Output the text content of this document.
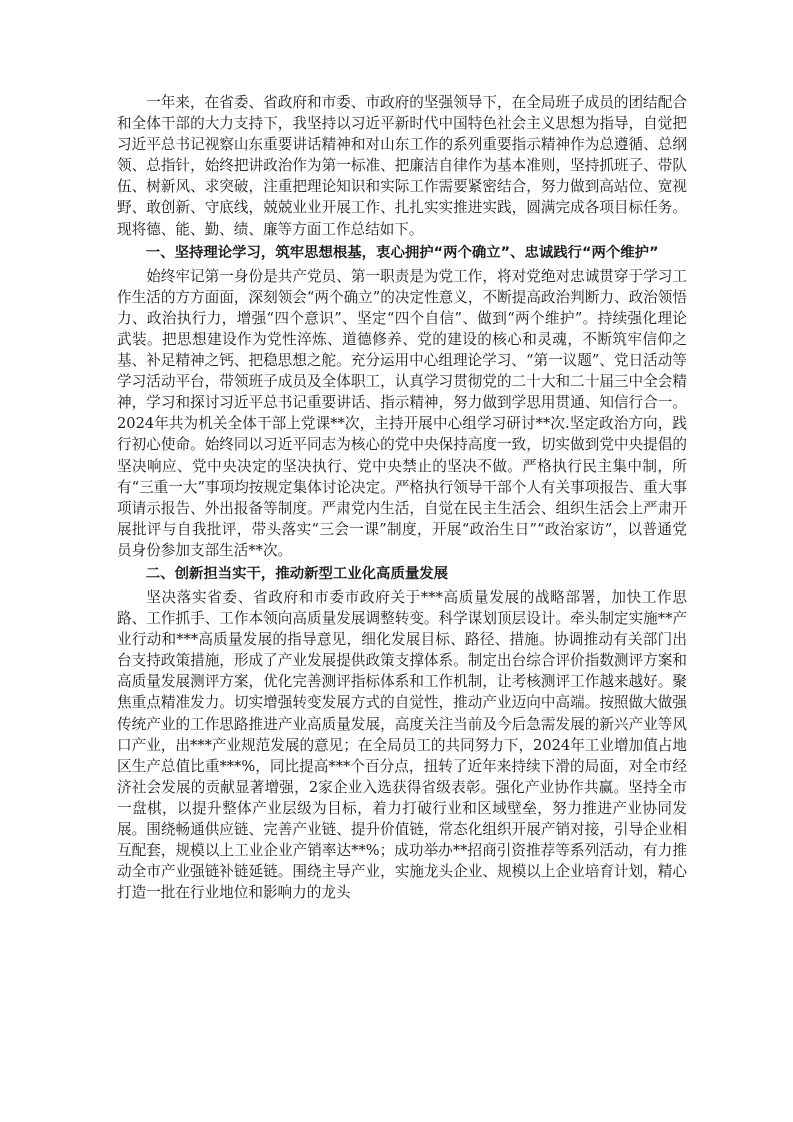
一年来，在省委、省政府和市委、市政府的坚强领导下，在全局班子成员的团结配合和全体干部的大力支持下，我坚持以习近平新时代中国特色社会主义思想为指导，自觉把习近平总书记视察山东重要讲话精神和对山东工作的系列重要指示精神作为总遵循、总纲领、总指针，始终把讲政治作为第一标准、把廉洁自律作为基本准则，坚持抓班子、带队伍、树新风、求突破，注重把理论知识和实际工作需要紧密结合，努力做到高站位、宽视野、敢创新、守底线，兢兢业业开展工作、扎扎实实推进实践，圆满完成各项目标任务。现将德、能、勤、绩、廉等方面工作总结如下。

一、坚持理论学习，筑牢思想根基，衷心拥护“两个确立”、忠诚践行“两个维护”

始终牢记第一身份是共产党员、第一职责是为党工作，将对党绝对忠诚贯穿于学习工作生活的方方面面，深刻领会“两个确立”的决定性意义，不断提高政治判断力、政治领悟力、政治执行力，增强“四个意识”、坚定“四个自信”、做到“两个维护”。持续强化理论武装。把思想建设作为党性淬炼、道德修养、党的建设的核心和灵魂，不断筑牢信仰之基、补足精神之钙、把稳思想之舵。充分运用中心组理论学习、“第一议题”、党日活动等学习活动平台，带领班子成员及全体职工，认真学习贯彻党的二十大和二十届三中全会精神，学习和探讨习近平总书记重要讲话、指示精神，努力做到学思用贯通、知信行合一。2024年共为机关全体干部上党课**次，主持开展中心组学习研讨**次.坚定政治方向，践行初心使命。始终同以习近平同志为核心的党中央保持高度一致，切实做到党中央提倡的坚决响应、党中央决定的坚决执行、党中央禁止的坚决不做。严格执行民主集中制，所有“三重一大”事项均按规定集体讨论决定。严格执行领导干部个人有关事项报告、重大事项请示报告、外出报备等制度。严肃党内生活，自觉在民主生活会、组织生活会上严肃开展批评与自我批评，带头落实“三会一课”制度，开展“政治生日”“政治家访”，以普通党员身份参加支部生活**次。

二、创新担当实干，推动新型工业化高质量发展

坚决落实省委、省政府和市委市政府关于***高质量发展的战略部署，加快工作思路、工作抓手、工作本领向高质量发展调整转变。科学谋划顶层设计。牵头制定实施**产业行动和***高质量发展的指导意见，细化发展目标、路径、措施。协调推动有关部门出台支持政策措施，形成了产业发展提供政策支撑体系。制定出台综合评价指数测评方案和高质量发展测评方案，优化完善测评指标体系和工作机制，让考核测评工作越来越好。聚焦重点精准发力。切实增强转变发展方式的自觉性，推动产业迈向中高端。按照做大做强传统产业的工作思路推进产业高质量发展，高度关注当前及今后急需发展的新兴产业等风口产业，出***产业规范发展的意见；在全局员工的共同努力下，2024年工业增加值占地区生产总值比重***%，同比提高***个百分点，扭转了近年来持续下滑的局面，对全市经济社会发展的贡献显著增强，2家企业入选获得省级表彰。强化产业协作共赢。坚持全市一盘棋，以提升整体产业层级为目标，着力打破行业和区域壁垒，努力推进产业协同发展。围绕畅通供应链、完善产业链、提升价值链，常态化组织开展产销对接，引导企业相互配套，规模以上工业企业产销率达**%；成功举办**招商引资推荐等系列活动，有力推动全市产业强链补链延链。围绕主导产业，实施龙头企业、规模以上企业培育计划，精心打造一批在行业地位和影响力的龙头
